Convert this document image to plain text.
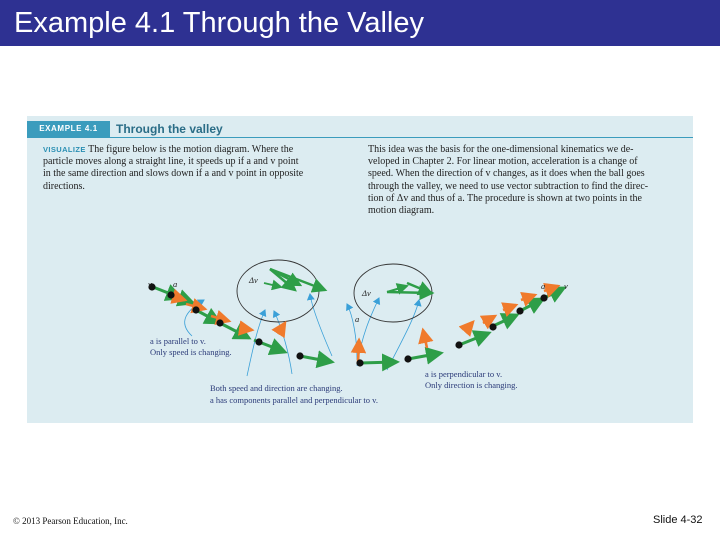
Example 4.1 Through the Valley
EXAMPLE 4.1	Through the valley
VISUALIZE The figure below is the motion diagram. Where the
particle moves along a straight line, it speeds up if a and v point
in the same direction and slows down if a and v point in opposite
directions.
This idea was the basis for the one-dimensional kinematics we de-
veloped in Chapter 2. For linear motion, acceleration is a change of
speed. When the direction of v changes, as it does when the ball goes
through the valley, we need to use vector subtraction to find the direc-
tion of Δv and thus of a. The procedure is shown at two points in the
motion diagram.
v a	Δv
Δv
a
a v
a is parallel to v.
Only speed is changing.
Both speed and direction are changing.
a has components parallel and perpendicular to v.
a is perpendicular to v.
Only direction is changing.
© 2013 Pearson Education, Inc.	Slide 4-32
